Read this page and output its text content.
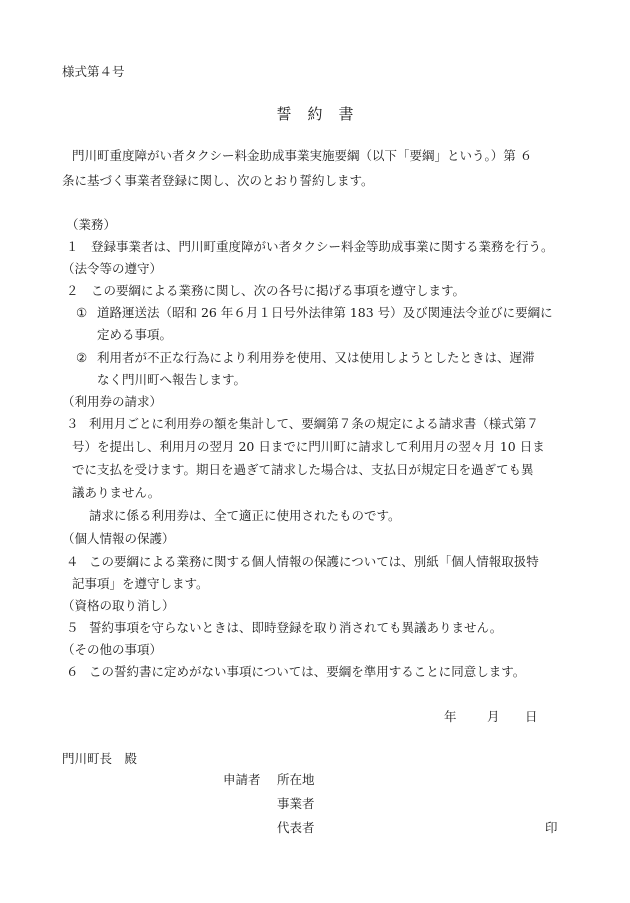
様式第４号
誓約書
門川町重度障がい者タクシー料金助成事業実施要綱（以下「要綱」という。）第 ６
条に基づく事業者登録に関し、次のとおり誓約します。
（業務）
１ 登録事業者は、門川町重度障がい者タクシー料金等助成事業に関する業務を行う。
（法令等の遵守）
２ この要綱による業務に関し、次の各号に掲げる事項を遵守します。
① 道路運送法（昭和 26 年６月１日号外法律第 183 号）及び関連法令並びに要綱に
定める事項。
② 利用者が不正な行為により利用券を使用、又は使用しようとしたときは、遅滞
なく門川町へ報告します。
（利用券の請求）
３ 利用月ごとに利用券の額を集計して、要綱第７条の規定による請求書（様式第７
号）を提出し、利用月の翌月 20 日までに門川町に請求して利用月の翌々月 10 日ま
でに支払を受けます。期日を過ぎて請求した場合は、支払日が規定日を過ぎても異
議ありません。
請求に係る利用券は、全て適正に使用されたものです。
（個人情報の保護）
４ この要綱による業務に関する個人情報の保護については、別紙「個人情報取扱特
記事項」を遵守します。
（資格の取り消し）
５ 誓約事項を守らないときは、即時登録を取り消されても異議ありません。
（その他の事項）
６ この誓約書に定めがない事項については、要綱を準用することに同意します。
年 月 日
門川町長　殿
申請者 所在地
事業者
代表者	印
